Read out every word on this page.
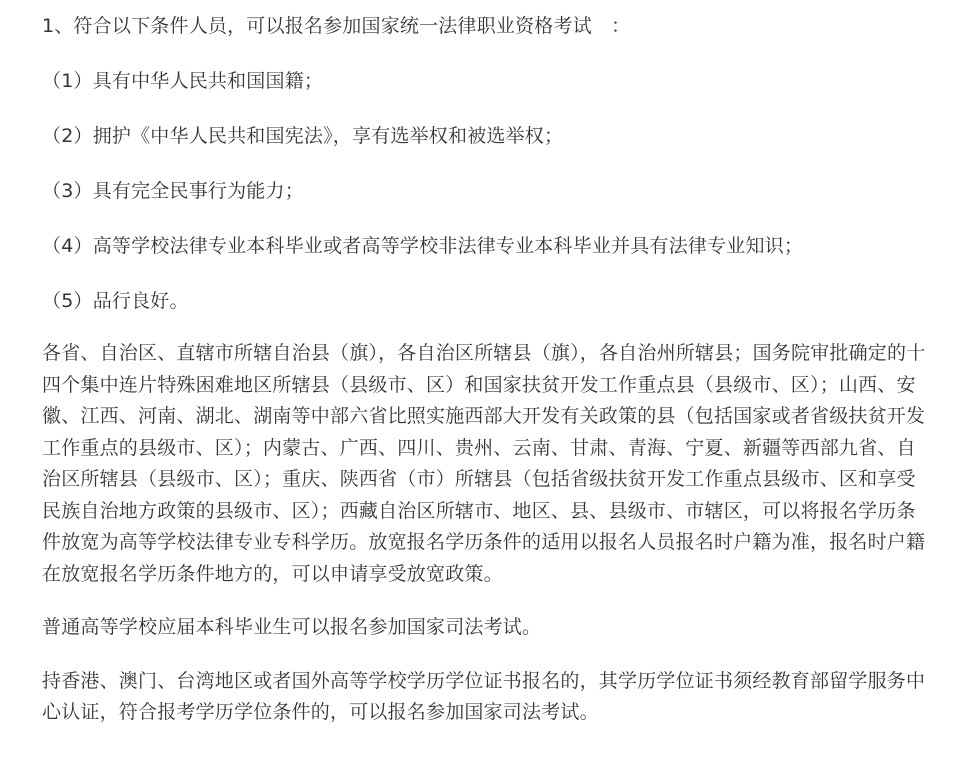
1、符合以下条件人员，可以报名参加国家统一法律职业资格考试　：

（1）具有中华人民共和国国籍；

（2）拥护《中华人民共和国宪法》，享有选举权和被选举权；

（3）具有完全民事行为能力；

（4）高等学校法律专业本科毕业或者高等学校非法律专业本科毕业并具有法律专业知识；

（5）品行良好。

各省、自治区、直辖市所辖自治县（旗），各自治区所辖县（旗），各自治州所辖县；国务院审批确定的十四个集中连片特殊困难地区所辖县（县级市、区）和国家扶贫开发工作重点县（县级市、区）；山西、安徽、江西、河南、湖北、湖南等中部六省比照实施西部大开发有关政策的县（包括国家或者省级扶贫开发工作重点的县级市、区）；内蒙古、广西、四川、贵州、云南、甘肃、青海、宁夏、新疆等西部九省、自治区所辖县（县级市、区）；重庆、陕西省（市）所辖县（包括省级扶贫开发工作重点县级市、区和享受民族自治地方政策的县级市、区）；西藏自治区所辖市、地区、县、县级市、市辖区，可以将报名学历条件放宽为高等学校法律专业专科学历。放宽报名学历条件的适用以报名人员报名时户籍为准，报名时户籍在放宽报名学历条件地方的，可以申请享受放宽政策。

普通高等学校应届本科毕业生可以报名参加国家司法考试。

持香港、澳门、台湾地区或者国外高等学校学历学位证书报名的，其学历学位证书须经教育部留学服务中心认证，符合报考学历学位条件的，可以报名参加国家司法考试。
